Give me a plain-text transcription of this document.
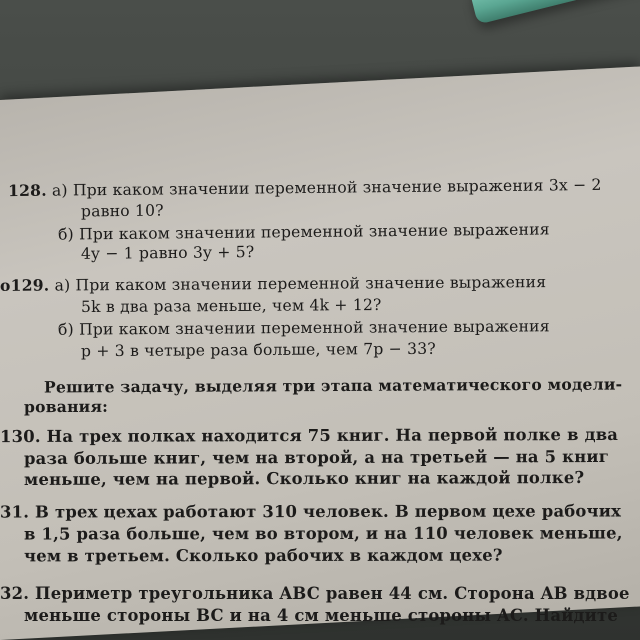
128. а) При каком значении переменной значение выражения 3x − 2
равно 10?
б) При каком значении переменной значение выражения
4y − 1 равно 3y + 5?
о129. а) При каком значении переменной значение выражения
5k в два раза меньше, чем 4k + 12?
б) При каком значении переменной значение выражения
p + 3 в четыре раза больше, чем 7p − 33?
Решите задачу, выделяя три этапа математического модели-
рования:
130. На трех полках находится 75 книг. На первой полке в два
раза больше книг, чем на второй, а на третьей — на 5 книг
меньше, чем на первой. Сколько книг на каждой полке?
31. В трех цехах работают 310 человек. В первом цехе рабочих
в 1,5 раза больше, чем во втором, и на 110 человек меньше,
чем в третьем. Сколько рабочих в каждом цехе?
32. Периметр треугольника ABC равен 44 см. Сторона AB вдвое
меньше стороны BC и на 4 см меньше стороны AC. Найдите
